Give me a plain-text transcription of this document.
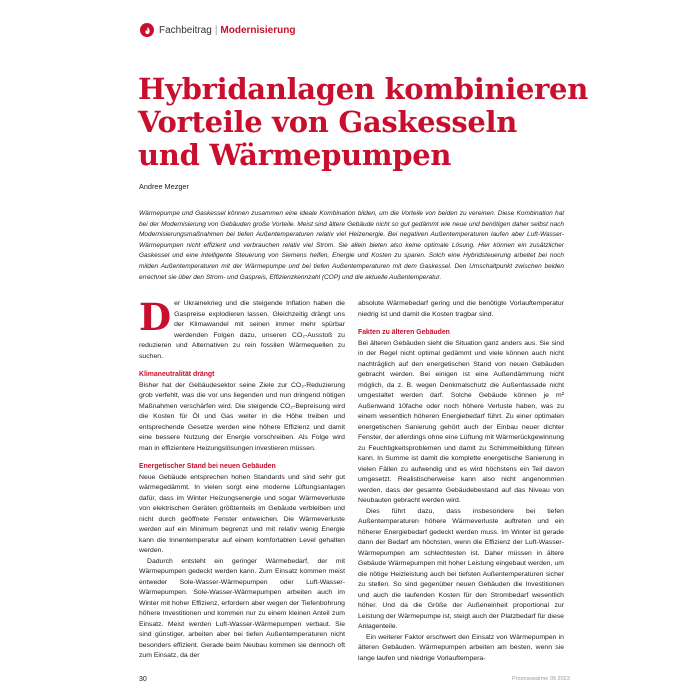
Fachbeitrag | Modernisierung
Hybridanlagen kombinieren Vorteile von Gaskesseln und Wärmepumpen
Andree Mezger

Wärmepumpe und Gaskessel können zusammen eine ideale Kombination bilden, um die Vorteile von beiden zu vereinen. Diese Kombination hat bei der Modernisierung von Gebäuden große Vorteile. Meist sind ältere Gebäude nicht so gut gedämmt wie neue und benötigen daher selbst nach Modernisierungsmaßnahmen bei tiefen Außentemperaturen relativ viel Heizenergie. Bei negativen Außentemperaturen laufen aber Luft-Wasser-Wärmepumpen nicht effizient und verbrauchen relativ viel Strom. Sie allein bieten also keine optimale Lösung. Hier können ein zusätzlicher Gaskessel und eine intelligente Steuerung von Siemens helfen, Energie und Kosten zu sparen. Solch eine Hybridsteuerung arbeitet bei noch milden Außentemperaturen mit der Wärmepumpe und bei tiefen Außentemperaturen mit dem Gaskessel. Den Umschaltpunkt zwischen beiden errechnet sie über den Strom- und Gaspreis, Effizienzkennzahl (COP) und die aktuelle Außentemperatur.

Der Ukrainekrieg und die steigende Inflation haben die Gaspreise explodieren lassen. Gleichzeitig drängt uns der Klimawandel mit seinen immer mehr spürbar werdenden Folgen dazu, unseren CO₂-Ausstoß zu reduzieren und Alternativen zu rein fossilen Wärmequellen zu suchen.

Klimaneutralität drängt

Bisher hat der Gebäudesektor seine Ziele zur CO₂-Reduzierung grob verfehlt, was die vor uns liegenden und nun dringend nötigen Maßnahmen verschärfen wird. Die steigende CO₂-Bepreisung wird die Kosten für Öl und Gas weiter in die Höhe treiben und entsprechende Gesetze werden eine höhere Effizienz und damit eine bessere Nutzung der Energie vorschreiben. Als Folge wird man in effizientere Heizungslösungen investieren müssen.

Energetischer Stand bei neuen Gebäuden

Neue Gebäude entsprechen hohen Standards und sind sehr gut wärmegedämmt. In vielen sorgt eine moderne Lüftungsanlagen dafür, dass im Winter Heizungsenergie und sogar Wärmeverluste von elektrischen Geräten größtenteils im Gebäude verbleiben und nicht durch geöffnete Fenster entweichen. Die Wärmeverluste werden auf ein Minimum begrenzt und mit relativ wenig Energie kann die Innentemperatur auf einem komfortablen Level gehalten werden.

Dadurch entsteht ein geringer Wärmebedarf, der mit Wärmepumpen gedeckt werden kann. Zum Einsatz kommen meist entweder Sole-Wasser-Wärmepumpen oder Luft-Wasser-Wärmepumpen. Sole-Wasser-Wärmepumpen arbeiten auch im Winter mit hoher Effizienz, erfordern aber wegen der Tiefenbohrung höhere Investitionen und kommen nur zu einem kleinen Anteil zum Einsatz. Meist werden Luft-Wasser-Wärmepumpen verbaut. Sie sind günstiger, arbeiten aber bei tiefen Außentemperaturen nicht besonders effizient. Gerade beim Neubau kommen sie dennoch oft zum Einsatz, da der

absolute Wärmebedarf gering und die benötigte Vorlauftemperatur niedrig ist und damit die Kosten tragbar sind.

Fakten zu älteren Gebäuden

Bei älteren Gebäuden sieht die Situation ganz anders aus. Sie sind in der Regel nicht optimal gedämmt und viele können auch nicht nachträglich auf den energetischen Stand von neuen Gebäuden gebracht werden. Bei einigen ist eine Außendämmung nicht möglich, da z. B. wegen Denkmalschutz die Außenfassade nicht umgestaltet werden darf. Solche Gebäude können je m² Außenwand 10fache oder noch höhere Verluste haben, was zu einem wesentlich höheren Energiebedarf führt. Zu einer optimalen energetischen Sanierung gehört auch der Einbau neuer dichter Fenster, der allerdings ohne eine Lüftung mit Wärmerückgewinnung zu Feuchtigkeitsproblemen und damit zu Schimmelbildung führen kann. In Summe ist damit die komplette energetische Sanierung in vielen Fällen zu aufwendig und es wird höchstens ein Teil davon umgesetzt. Realistischerweise kann also nicht angenommen werden, dass der gesamte Gebäudebestand auf das Niveau von Neubauten gebracht werden wird.

Dies führt dazu, dass insbesondere bei tiefen Außentemperaturen höhere Wärmeverluste auftreten und ein höherer Energiebedarf gedeckt werden muss. Im Winter ist gerade dann der Bedarf am höchsten, wenn die Effizienz der Luft-Wasser-Wärmepumpen am schlechtesten ist. Daher müssen in ältere Gebäude Wärmepumpen mit hoher Leistung eingebaut werden, um die nötige Heizleistung auch bei tiefsten Außentemperaturen sicher zu stellen. So sind gegenüber neuen Gebäuden die Investitionen und auch die laufenden Kosten für den Strombedarf wesentlich höher. Und da die Größe der Außeneinheit proportional zur Leistung der Wärmepumpe ist, steigt auch der Platzbedarf für diese Anlagenteile.

Ein weiterer Faktor erschwert den Einsatz von Wärmepumpen in älteren Gebäuden. Wärmepumpen arbeiten am besten, wenn sie lange laufen und niedrige Vorlauftempera-

30	Prozesswärme 05 2023
